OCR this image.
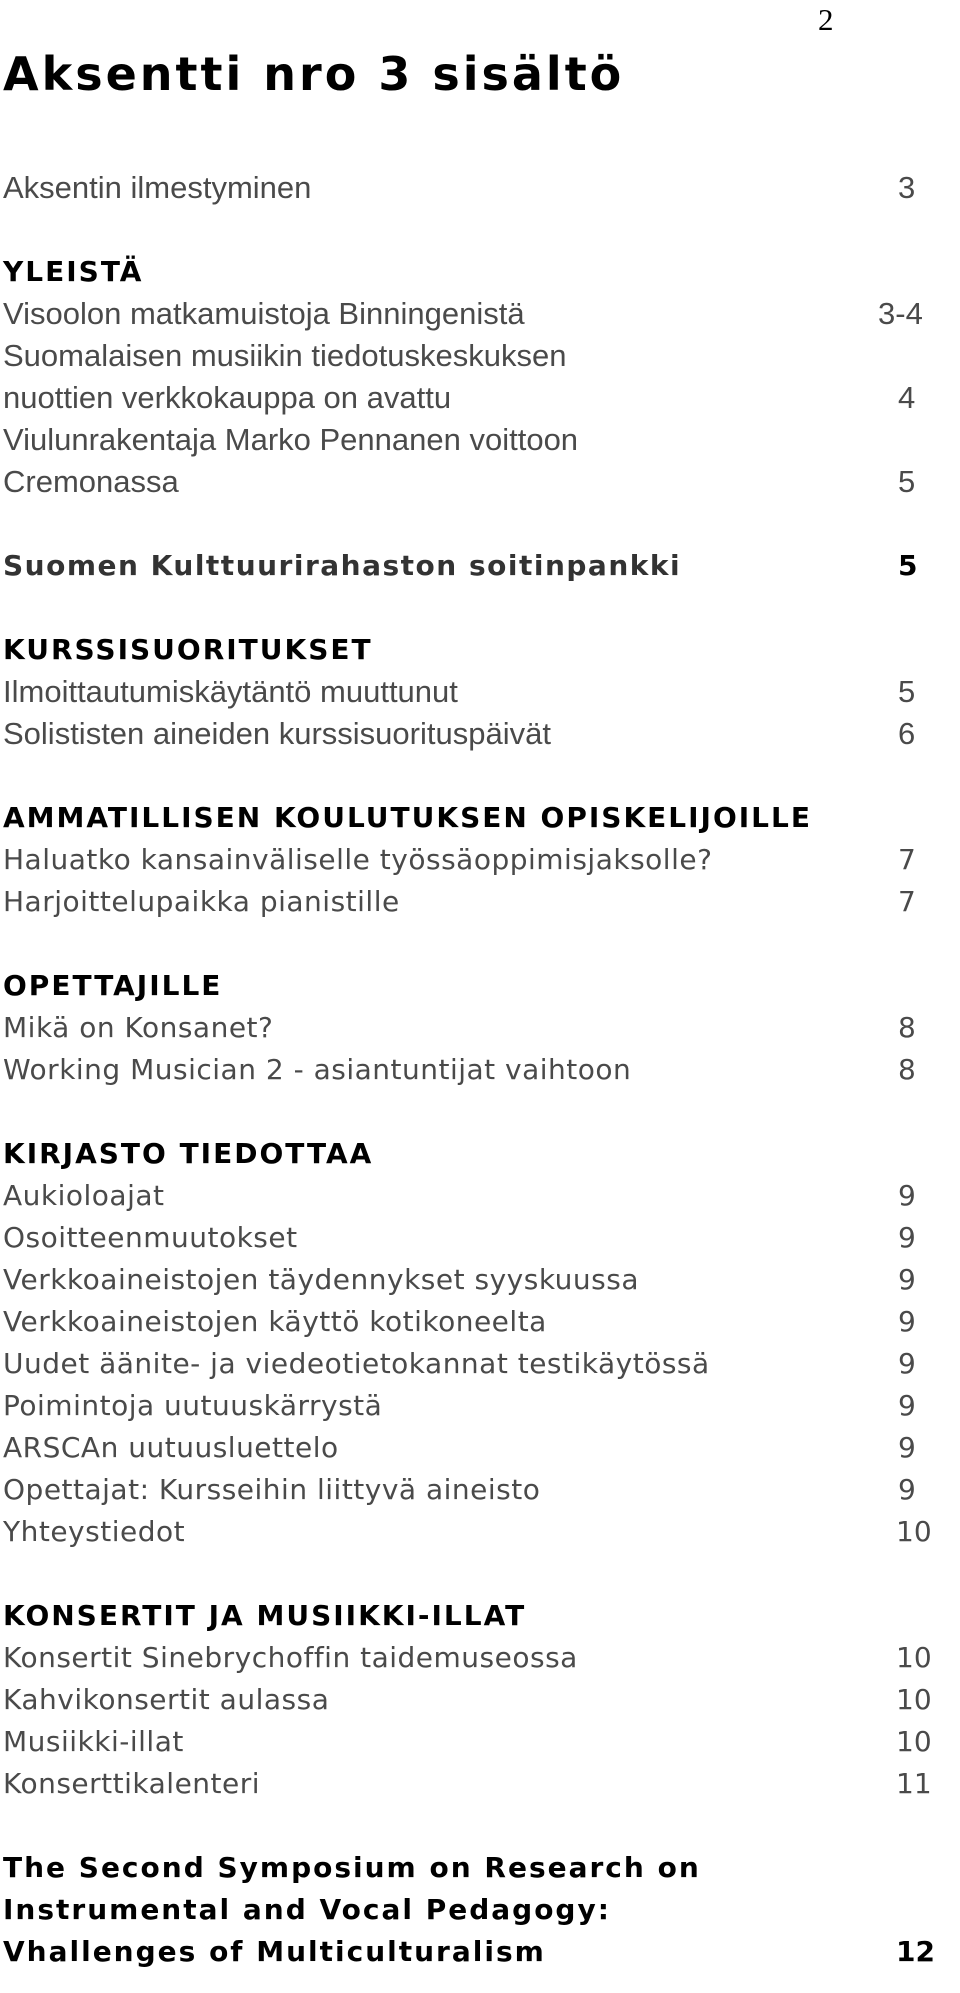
2
Aksentti nro 3 sisältö
Aksentin ilmestyminen	3
YLEISTÄ
Visoolon matkamuistoja Binningenistä	3-4
Suomalaisen musiikin tiedotuskeskuksen
nuottien verkkokauppa on avattu	4
Viulunrakentaja Marko Pennanen voittoon
Cremonassa	5
Suomen Kulttuurirahaston soitinpankki	5
KURSSISUORITUKSET
Ilmoittautumiskäytäntö muuttunut	5
Solististen aineiden kurssisuorituspäivät	6
AMMATILLISEN KOULUTUKSEN OPISKELIJOILLE
Haluatko kansainväliselle työssäoppimisjaksolle?	7
Harjoittelupaikka pianistille	7
OPETTAJILLE
Mikä on Konsanet?	8
Working Musician 2 - asiantuntijat vaihtoon	8
KIRJASTO TIEDOTTAA
Aukioloajat	9
Osoitteenmuutokset	9
Verkkoaineistojen täydennykset syyskuussa	9
Verkkoaineistojen käyttö kotikoneelta	9
Uudet äänite- ja viedeotietokannat testikäytössä	9
Poimintoja uutuuskärrystä	9
ARSCAn uutuusluettelo	9
Opettajat: Kursseihin liittyvä aineisto	9
Yhteystiedot	10
KONSERTIT JA MUSIIKKI-ILLAT
Konsertit Sinebrychoffin taidemuseossa	10
Kahvikonsertit aulassa	10
Musiikki-illat	10
Konserttikalenteri	11
The Second Symposium on Research on
Instrumental and Vocal Pedagogy:
Vhallenges of Multiculturalism	12
